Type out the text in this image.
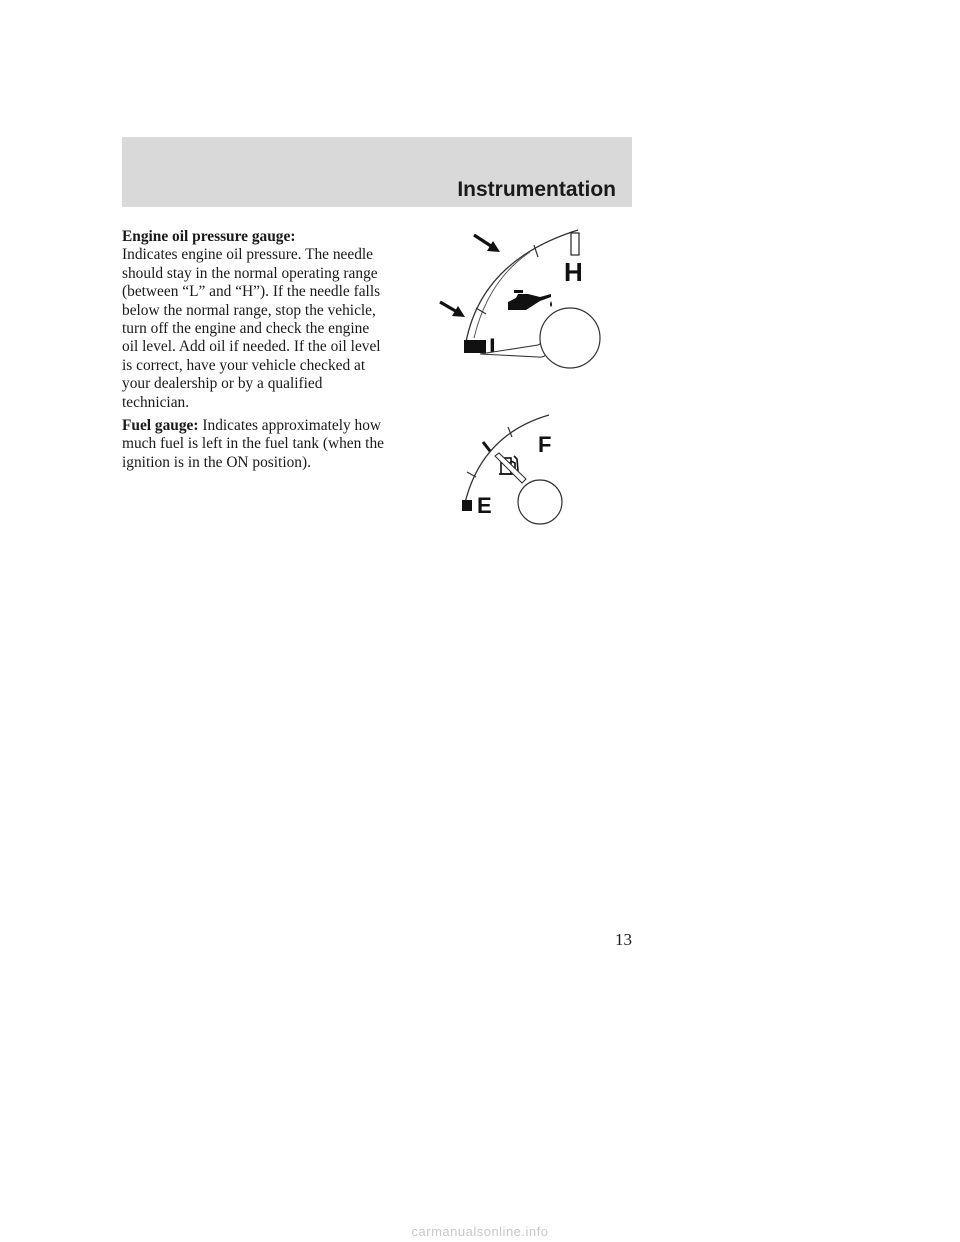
Instrumentation

Engine oil pressure gauge:
Indicates engine oil pressure. The needle should stay in the normal operating range (between “L” and “H”). If the needle falls below the normal range, stop the vehicle, turn off the engine and check the engine oil level. Add oil if needed. If the oil level is correct, have your vehicle checked at your dealership or by a qualified technician.

Fuel gauge: Indicates approximately how much fuel is left in the fuel tank (when the ignition is in the ON position).

H
L
F
E
13
carmanualsonline.info
